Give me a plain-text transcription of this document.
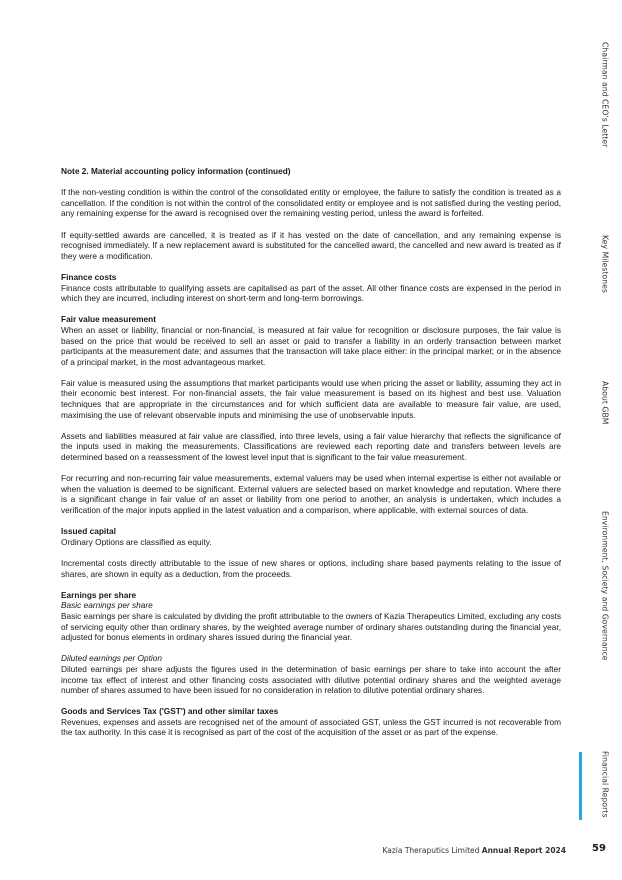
Chairman and CEO's Letter
Key Milestones
About GBM
Environment, Society and Governance
Financial Reports
Note 2. Material accounting policy information (continued)

If the non-vesting condition is within the control of the consolidated entity or employee, the failure to satisfy the condition is treated as a cancellation. If the condition is not within the control of the consolidated entity or employee and is not satisfied during the vesting period, any remaining expense for the award is recognised over the remaining vesting period, unless the award is forfeited.

If equity-settled awards are cancelled, it is treated as if it has vested on the date of cancellation, and any remaining expense is recognised immediately. If a new replacement award is substituted for the cancelled award, the cancelled and new award is treated as if they were a modification.

Finance costs

Finance costs attributable to qualifying assets are capitalised as part of the asset. All other finance costs are expensed in the period in which they are incurred, including interest on short-term and long-term borrowings.

Fair value measurement

When an asset or liability, financial or non-financial, is measured at fair value for recognition or disclosure purposes, the fair value is based on the price that would be received to sell an asset or paid to transfer a liability in an orderly transaction between market participants at the measurement date; and assumes that the transaction will take place either: in the principal market; or in the absence of a principal market, in the most advantageous market.

Fair value is measured using the assumptions that market participants would use when pricing the asset or liability, assuming they act in their economic best interest. For non-financial assets, the fair value measurement is based on its highest and best use. Valuation techniques that are appropriate in the circumstances and for which sufficient data are available to measure fair value, are used, maximising the use of relevant observable inputs and minimising the use of unobservable inputs.

Assets and liabilities measured at fair value are classified, into three levels, using a fair value hierarchy that reflects the significance of the inputs used in making the measurements. Classifications are reviewed each reporting date and transfers between levels are determined based on a reassessment of the lowest level input that is significant to the fair value measurement.

For recurring and non-recurring fair value measurements, external valuers may be used when internal expertise is either not available or when the valuation is deemed to be significant. External valuers are selected based on market knowledge and reputation. Where there is a significant change in fair value of an asset or liability from one period to another, an analysis is undertaken, which includes a verification of the major inputs applied in the latest valuation and a comparison, where applicable, with external sources of data.

Issued capital

Ordinary Options are classified as equity.

Incremental costs directly attributable to the issue of new shares or options, including share based payments relating to the issue of shares, are shown in equity as a deduction, from the proceeds.

Earnings per share
Basic earnings per share

Basic earnings per share is calculated by dividing the profit attributable to the owners of Kazia Therapeutics Limited, excluding any costs of servicing equity other than ordinary shares, by the weighted average number of ordinary shares outstanding during the financial year, adjusted for bonus elements in ordinary shares issued during the financial year.

Diluted earnings per Option

Diluted earnings per share adjusts the figures used in the determination of basic earnings per share to take into account the after income tax effect of interest and other financing costs associated with dilutive potential ordinary shares and the weighted average number of shares assumed to have been issued for no consideration in relation to dilutive potential ordinary shares.

Goods and Services Tax ('GST') and other similar taxes

Revenues, expenses and assets are recognised net of the amount of associated GST, unless the GST incurred is not recoverable from the tax authority. In this case it is recognised as part of the cost of the acquisition of the asset or as part of the expense.

Kazia Theraputics Limited Annual Report 2024	59
